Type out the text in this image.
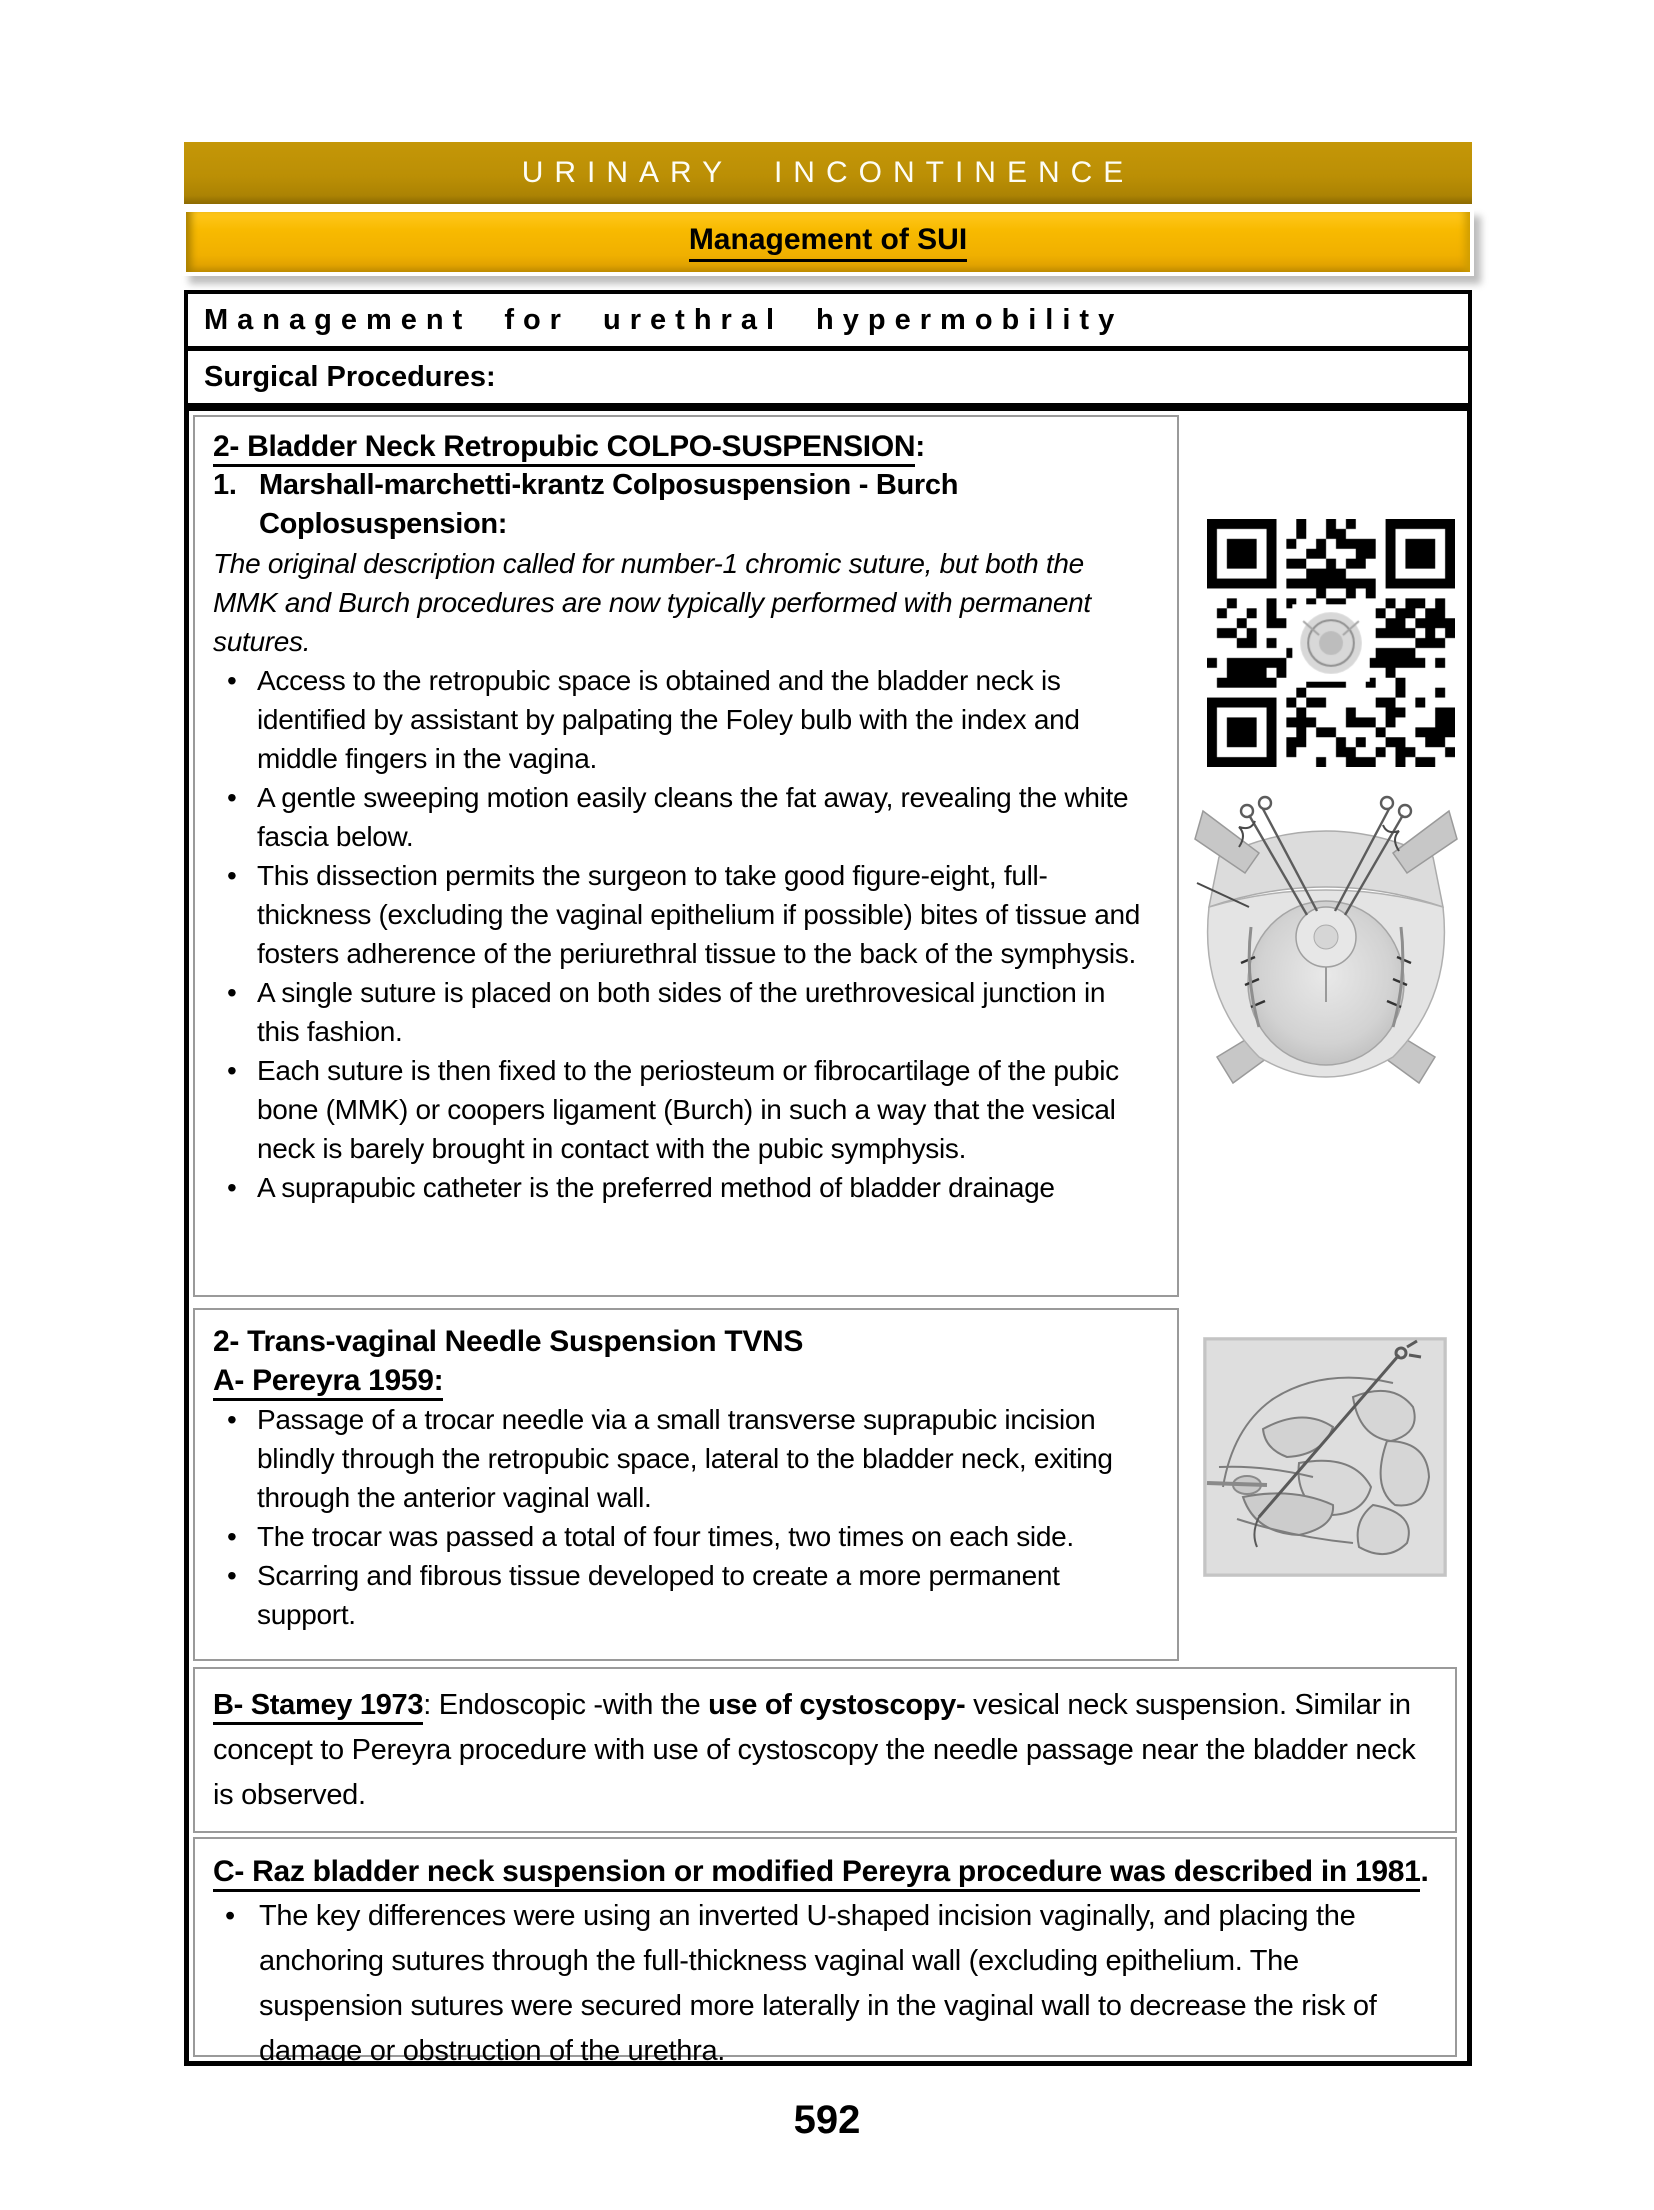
URINARY INCONTINENCE
Management of SUI
Management for urethral hypermobility
Surgical Procedures:
2- Bladder Neck Retropubic COLPO-SUSPENSION:
1. Marshall-marchetti-krantz Colposuspension - Burch Coplosuspension:
The original description called for number-1 chromic suture, but both the MMK and Burch procedures are now typically performed with permanent sutures.
• Access to the retropubic space is obtained and the bladder neck is identified by assistant by palpating the Foley bulb with the index and middle fingers in the vagina.
• A gentle sweeping motion easily cleans the fat away, revealing the white fascia below.
• This dissection permits the surgeon to take good figure-eight, full-thickness (excluding the vaginal epithelium if possible) bites of tissue and fosters adherence of the periurethral tissue to the back of the symphysis.
• A single suture is placed on both sides of the urethrovesical junction in this fashion.
• Each suture is then fixed to the periosteum or fibrocartilage of the pubic bone (MMK) or coopers ligament (Burch) in such a way that the vesical neck is barely brought in contact with the pubic symphysis.
• A suprapubic catheter is the preferred method of bladder drainage
2- Trans-vaginal Needle Suspension TVNS
A- Pereyra 1959:
• Passage of a trocar needle via a small transverse suprapubic incision blindly through the retropubic space, lateral to the bladder neck, exiting through the anterior vaginal wall.
• The trocar was passed a total of four times, two times on each side.
• Scarring and fibrous tissue developed to create a more permanent support.
B- Stamey 1973: Endoscopic -with the use of cystoscopy- vesical neck suspension. Similar in concept to Pereyra procedure with use of cystoscopy the needle passage near the bladder neck is observed.
C- Raz bladder neck suspension or modified Pereyra procedure was described in 1981.
• The key differences were using an inverted U-shaped incision vaginally, and placing the anchoring sutures through the full-thickness vaginal wall (excluding epithelium. The suspension sutures were secured more laterally in the vaginal wall to decrease the risk of damage or obstruction of the urethra.
592
